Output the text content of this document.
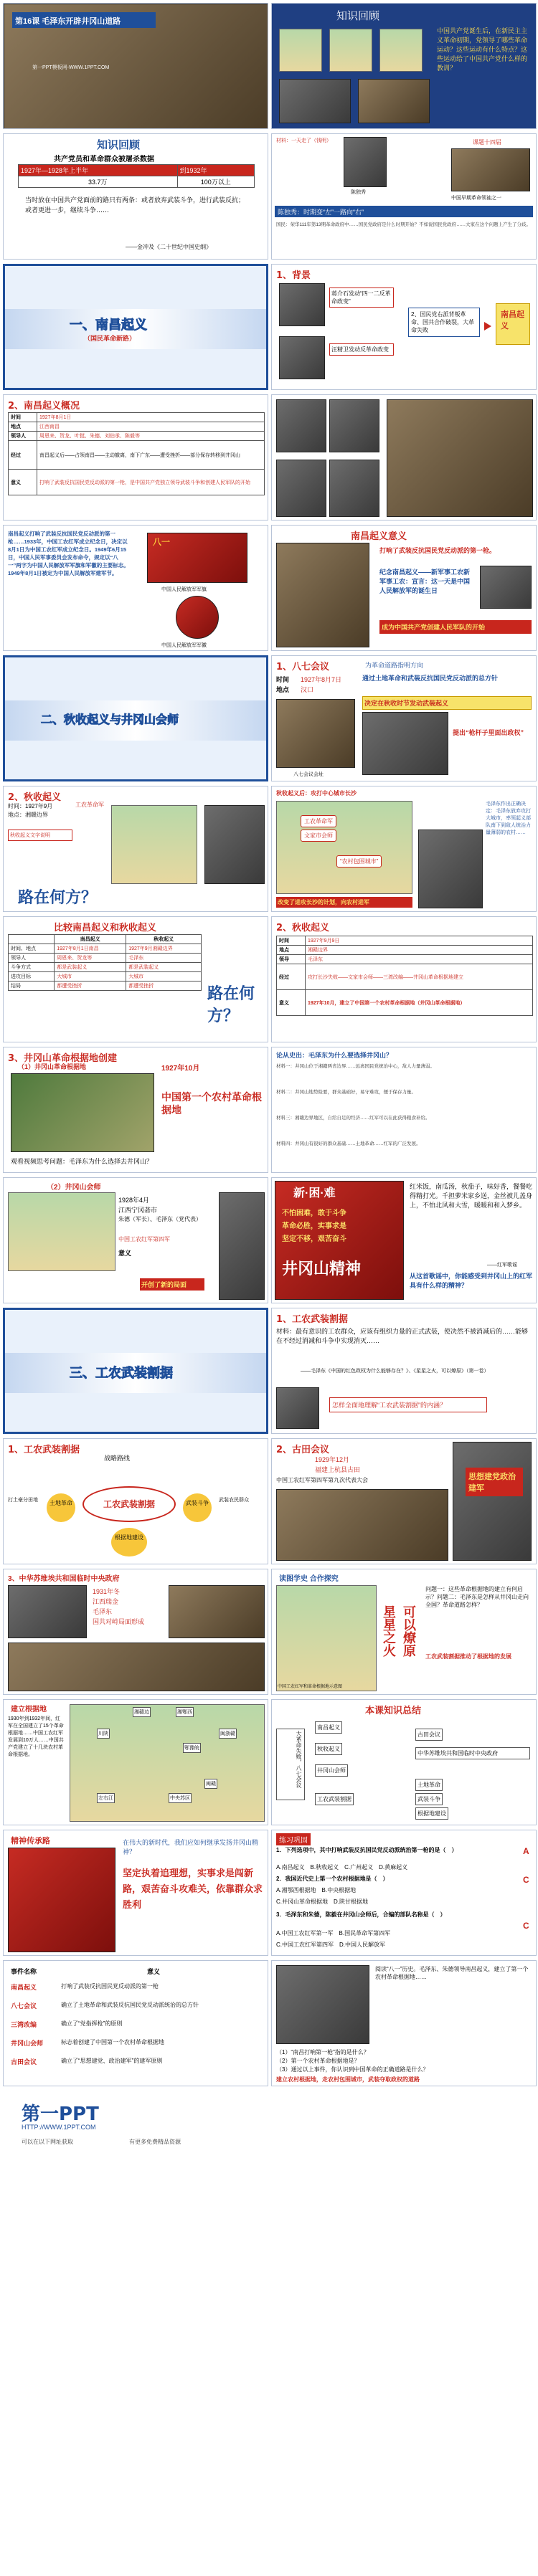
第16课 毛泽东开辟井冈山道路
第一PPT模板网-WWW.1PPT.COM
知识回顾
中国共产党诞生后，在新民主主义革命初期，党领导了哪些革命运动？这些运动有什么特点？这些运动给了中国共产党什么样的教训？
知识回顾
共产党员和革命群众被屠杀数据
1927年—1928年上半年	到1932年
33.7万	100万以上
当时放在中国共产党面前的路只有两条：或者放弃武装斗争，进行武装反抗；或者更进一步，继续斗争……
——金冲及《二十世纪中国史纲》
材料：一天走了（钱明）
陈独秀
课题十四届
中国早期革命领袖之一
陈独秀：时期变“左”一路向“右”
国民：荣华111年第13期革命政府中……国民党政府是什么时期开始？不如说国民党政府……大家在这个问题上产生了分歧。
一、南昌起义
（国民革命新路）
1、背景
蒋介石发动“四一二反革命政变”
汪精卫发动反革命政变
2、国民党右派背叛革命、国共合作破裂，大革命失败
南昌起义
2、南昌起义概况
时间	1927年8月1日
地点	江西南昌
领导人	周恩来、贺龙、叶挺、朱德、刘伯承、陈毅等
经过	南昌起义后——占领南昌——主动撤离，南下广东——遭受挫折——部分保存转移到井冈山
意义	打响了武装反抗国民党反动派的第一枪，是中国共产党独立领导武装斗争和创建人民军队的开始
南昌起义打响了武装反抗国民党反动派的第一枪……1933年，中国工农红军成立纪念日，决定以8月1日为中国工农红军成立纪念日。1949年6月15日，中国人民军事委员会发布命令，规定以“八一”两字为中国人民解放军军旗和军徽的主要标志。1949年8月1日被定为中国人民解放军建军节。
八一
中国人民解放军军旗
中国人民解放军军徽
南昌起义意义
打响了武装反抗国民党反动派的第一枪。
纪念南昌起义——新军事工农新军事工农：宣言：这一天是中国人民解放军的诞生日
成为中国共产党创建人民军队的开始
二、秋收起义与井冈山会师
1、八七会议	为革命道路指明方向
时间 1927年8月7日
地点 汉口
八七会议会址
通过土地革命和武装反抗国民党反动派的总方针
决定在秋收时节发动武装起义
提出“枪杆子里面出政权”
2、秋收起义
时间：1927年9月
地点：湘赣边界
工农革命军
秋收起义文字说明
路在何方？
秋收起义后：攻打中心城市长沙
文家市会师
工农革命军
“农村包围城市”
改变了进攻长沙的计划，向农村进军
毛泽东作出正确决定：毛泽东放弃攻打大城市，率领起义部队南下到敌人统治力量薄弱的农村……
比较南昌起义和秋收起义
	南昌起义	秋收起义
时间、地点	1927年8月1日南昌	1927年9月湘赣边界
领导人	周恩来、贺龙等	毛泽东
斗争方式	都是武装起义	都是武装起义
进攻目标	大城市	大城市
结局	都遭受挫折	都遭受挫折	路在何方？
2、秋收起义
时间	1927年9月9日
地点	湘赣边界
领导	毛泽东
经过	攻打长沙失败——文家市会师——三湾改编——井冈山革命根据地建立
意义	1927年10月，建立了中国第一个农村革命根据地（井冈山革命根据地）
3、井冈山革命根据地创建
（1）井冈山革命根据地	1927年10月
中国第一个农村革命根据地
观看视频思考问题：毛泽东为什么选择去井冈山？
论从史出：毛泽东为什么要选择井冈山？
材料一：井冈山位于湘赣两省边界……远离国民党统治中心，敌人力量薄弱。
材料二：井冈山地势险要，群众基础好，易守难攻，便于保存力量。
材料三：湘赣边界地区，自给自足的经济……红军可以在此获得粮食补给。
材料四：井冈山有很好的群众基础……土地革命……红军的广泛发展。
（2）井冈山会师
1928年4月
江西宁冈砻市
朱德（军长）、毛泽东（党代表）
中国工农红军第四军
意义
开创了新的局面
新·困·难
不怕困难，敢于斗争
革命必胜，实事求是
坚定不移，艰苦奋斗
井冈山精神
红米饭，南瓜汤，秋茄子，味好香，餐餐吃得精打光。千担萝米家乡送，金丝被儿盖身上，不怕北风和大雪，暖暖和和入梦乡。
——红军歌谣
从这首歌谣中，你能感受到井冈山上的红军具有什么样的精神？
三、工农武装割据
1、工农武装割据
材料：最有意识的工农群众，应该有组织力量的正式武装，使决然不被消减后的……能够在不经过消减和斗争中实现消灭……
——毛泽东《中国的红色政权为什么能够存在？》、《星星之火，可以燎原》（第一卷）
怎样全面地理解“工农武装割据”的内涵？
1、工农武装割据
战略路线
工农武装割据
土地革命	武装斗争
根据地建设
打土豪分田地	武装农民群众
2、古田会议
1929年12月
福建上杭县古田
中国工农红军第四军第九次代表大会	思想建党政治建军
3、中华苏维埃共和国临时中央政府
1931年冬
江西瑞金
毛泽东
国共对峙局面形成
读图学史 合作探究
星星之火 可以燎原
问题一：这些革命根据地的建立有何启示？问题二：毛泽东是怎样从井冈山走向全国？革命道路怎样？
工农武装割据推动了根据地的发展
中国工农红军和革命根据地示意图
建立根据地
1930年到1932年间，红军在全国建立了15个革命根据地……中国工农红军发展到10万人……中国共产党建立了十几块农村革命根据地。
湘赣边	湘鄂西
闽浙赣
鄂豫皖
左右江
闽赣
中央苏区
川陕
本课知识总结
大革命失败，八七会议
南昌起义
秋收起义
井冈山会师
工农武装割据
土地革命
武装斗争
根据地建设
古田会议
中华苏维埃共和国临时中央政府
精神传承路	在伟大的新时代，我们应如何继承发扬井冈山精神？
坚定执着追理想，实事求是闯新路，艰苦奋斗攻难关，依靠群众求胜利
练习巩固
1．下列选项中，其中打响武装反抗国民党反动派统治第一枪的是（　）	A
A.南昌起义　B.秋收起义　C.广州起义　D.黄麻起义
2．我国近代史上第一个农村根据地是（　）	C
A.湘鄂西根据地　B.中央根据地
C.井冈山革命根据地　D.陕甘根据地
3．毛泽东和朱德，陈毅在井冈山会师后，合编的部队名称是（　）
C
A.中国工农红军第一军　B.国民革命军第四军
C.中国工农红军第四军　D.中国人民解放军
事件名称	意义
南昌起义	打响了武装反抗国民党反动派的第一枪
八七会议	确立了土地革命和武装反抗国民党反动派统治的总方针
三湾改编	确立了“党指挥枪”的原则
井冈山会师	标志着创建了中国第一个农村革命根据地
古田会议	确立了“思想建党、政治建军”的建军原则
阅读“八一”历史。毛泽东、朱德领导南昌起义，建立了第一个农村革命根据地……
（1）“南昌打响第一枪”指的是什么？
（2）第一个农村革命根据地是？
（3）通过以上事件，你认识到中国革命的正确道路是什么？
建立农村根据地，走农村包围城市，武装夺取政权的道路
第一PPT
HTTP://WWW.1PPT.COM
可以在以下网址获取	有更多免费精品资源
